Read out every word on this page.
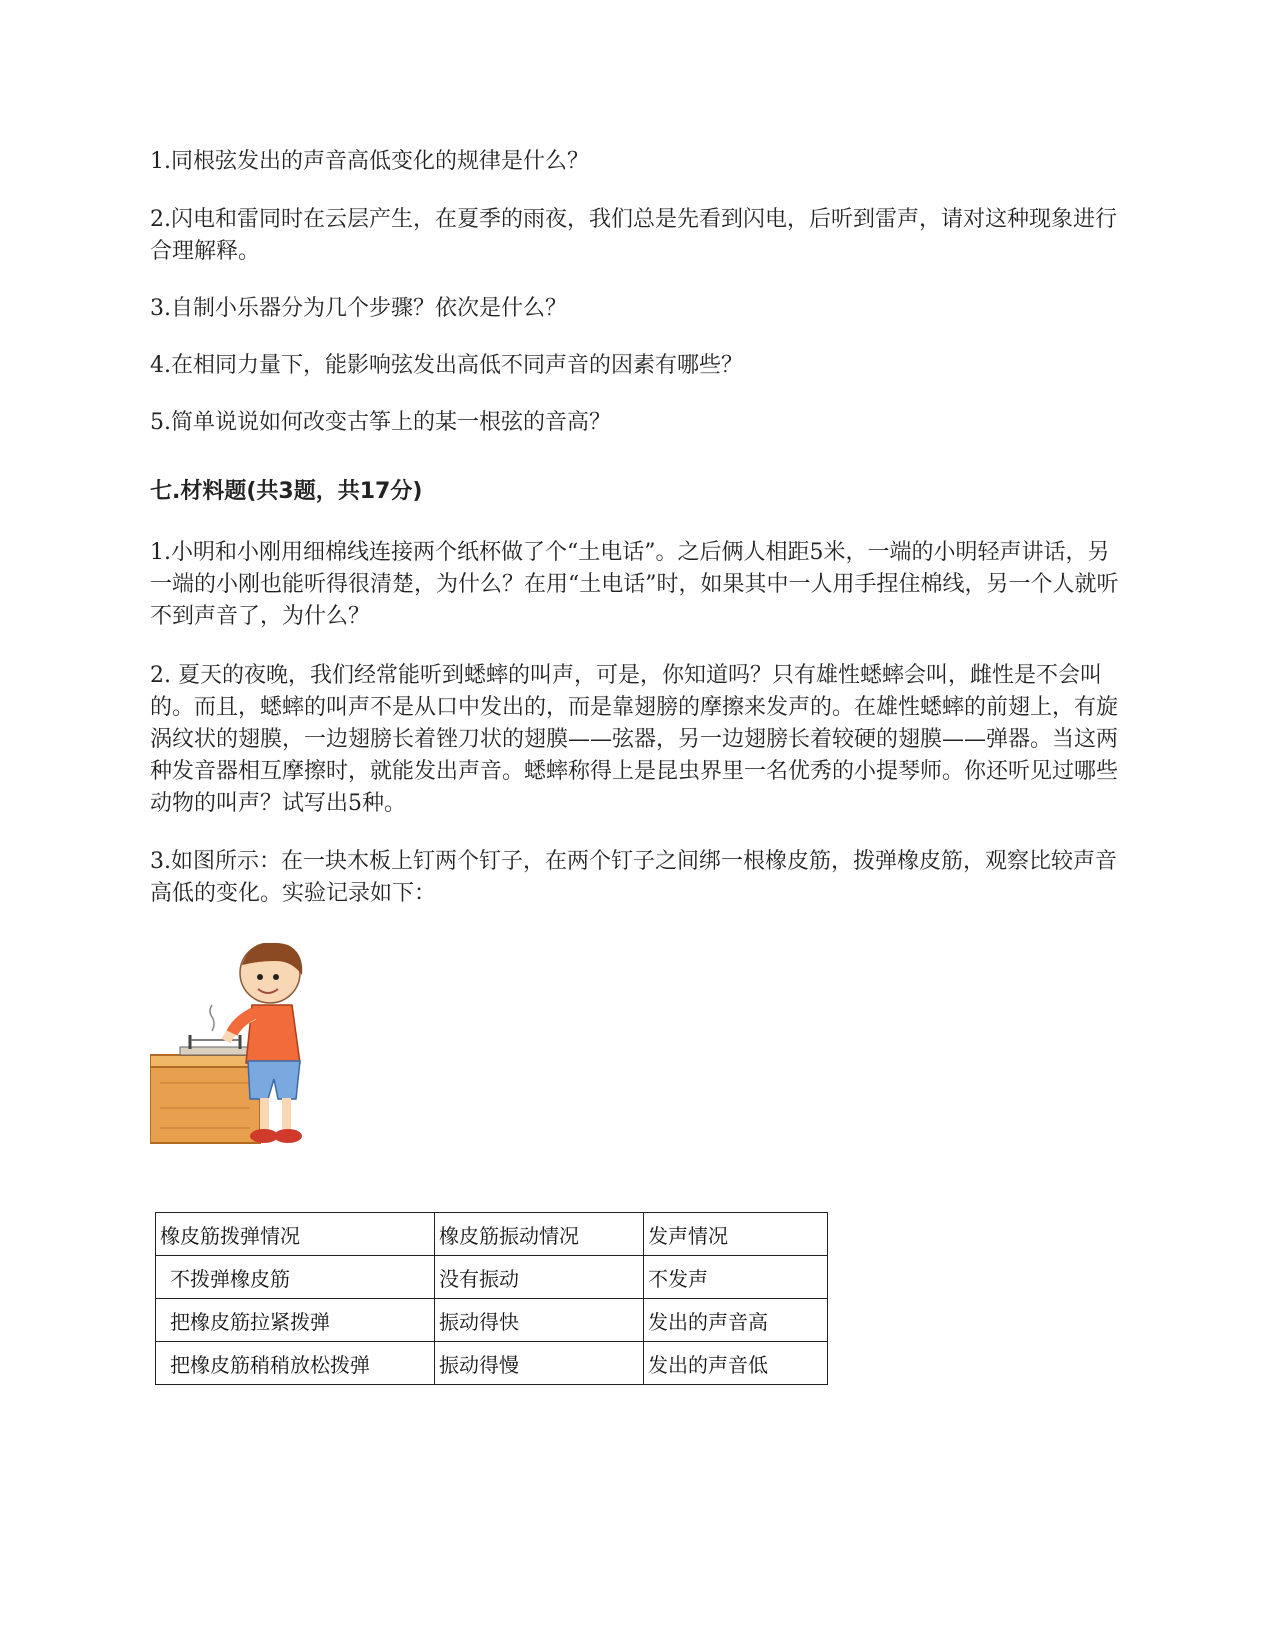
1.同根弦发出的声音高低变化的规律是什么？

2.闪电和雷同时在云层产生，在夏季的雨夜，我们总是先看到闪电，后听到雷声，请对这种现象进行合理解释。

3.自制小乐器分为几个步骤？依次是什么？

4.在相同力量下，能影响弦发出高低不同声音的因素有哪些？

5.简单说说如何改变古筝上的某一根弦的音高？

七.材料题(共3题，共17分)

1.小明和小刚用细棉线连接两个纸杯做了个“土电话”。之后俩人相距5米，一端的小明轻声讲话，另一端的小刚也能听得很清楚，为什么？在用“土电话”时，如果其中一人用手捏住棉线，另一个人就听不到声音了，为什么？

2. 夏天的夜晚，我们经常能听到蟋蟀的叫声，可是，你知道吗？只有雄性蟋蟀会叫，雌性是不会叫的。而且，蟋蟀的叫声不是从口中发出的，而是靠翅膀的摩擦来发声的。在雄性蟋蟀的前翅上，有旋涡纹状的翅膜，一边翅膀长着锉刀状的翅膜——弦器，另一边翅膀长着较硬的翅膜——弹器。当这两种发音器相互摩擦时，就能发出声音。蟋蟀称得上是昆虫界里一名优秀的小提琴师。你还听见过哪些动物的叫声？试写出5种。

3.如图所示：在一块木板上钉两个钉子，在两个钉子之间绑一根橡皮筋，拨弹橡皮筋，观察比较声音高低的变化。实验记录如下：

橡皮筋拨弹情况	橡皮筋振动情况	发声情况
不拨弹橡皮筋	没有振动	不发声
把橡皮筋拉紧拨弹	振动得快	发出的声音高
把橡皮筋稍稍放松拨弹	振动得慢	发出的声音低
